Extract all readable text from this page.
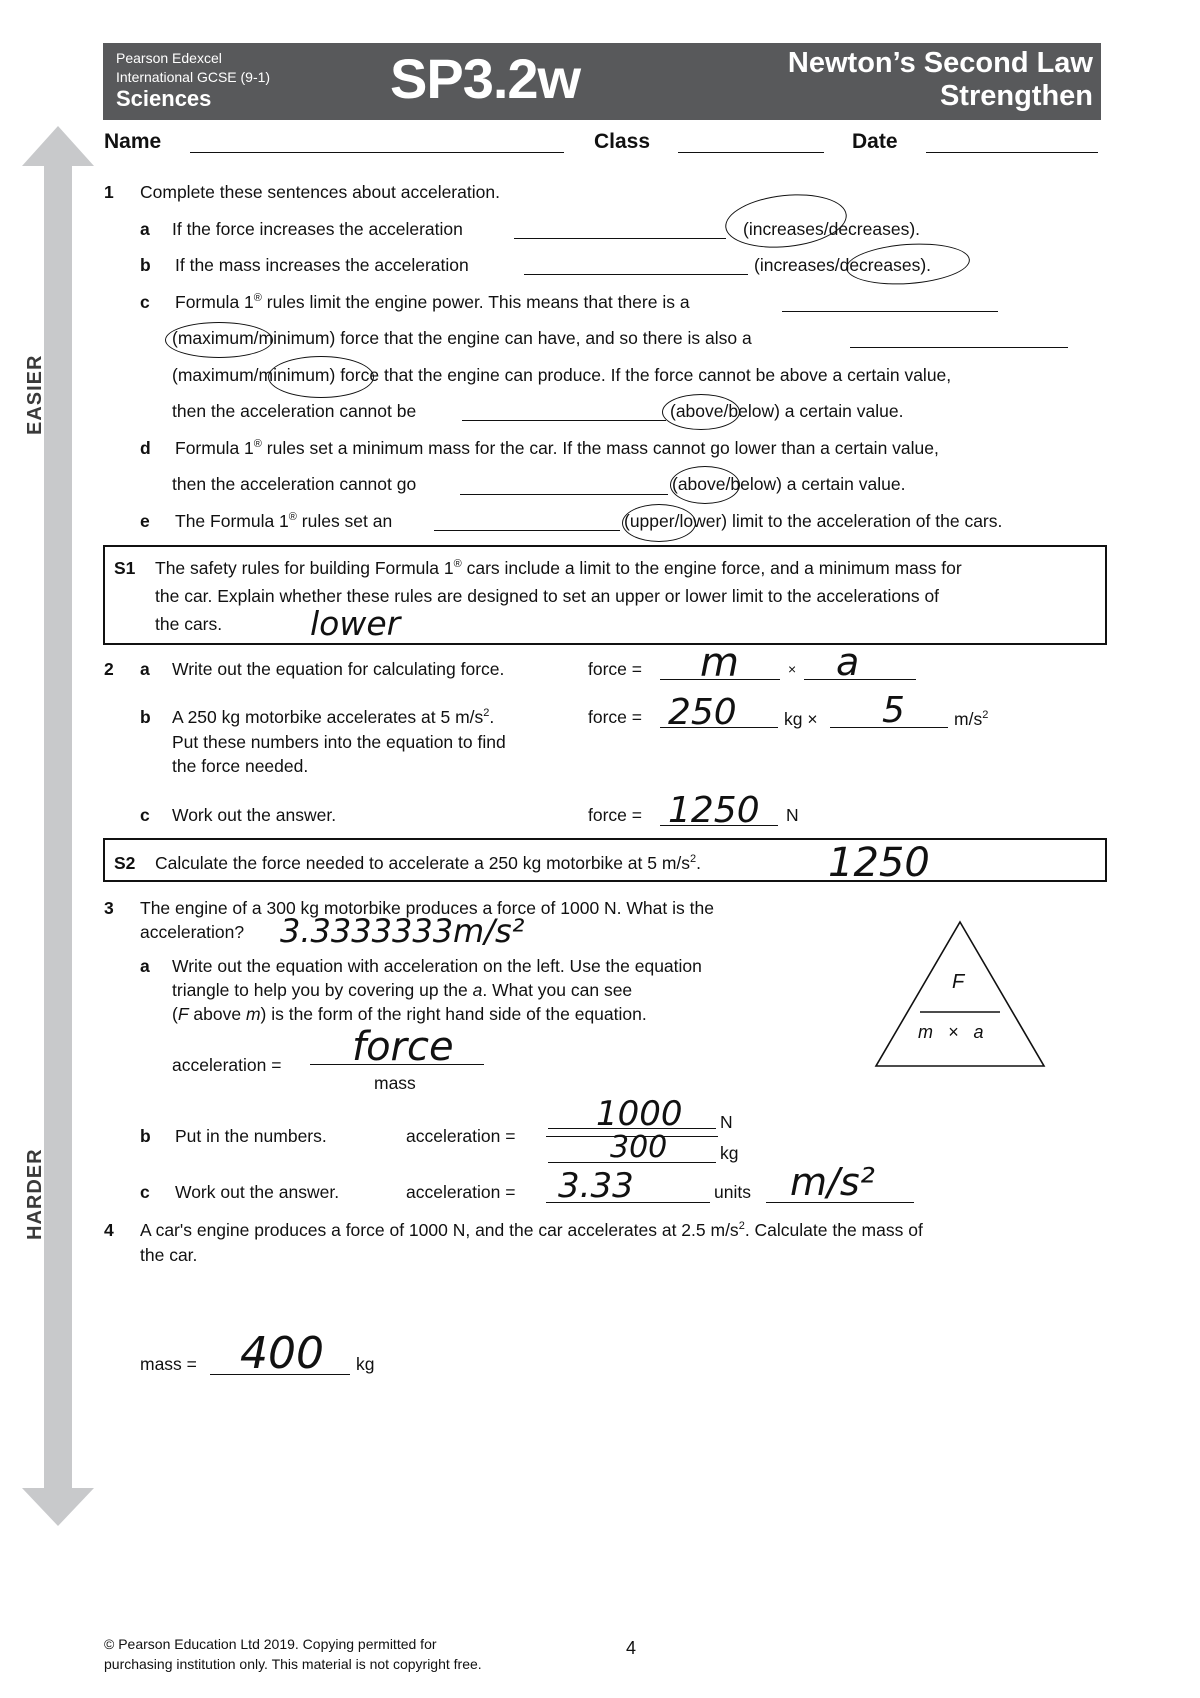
Pearson Edexcel
International GCSE (9-1)
Sciences	SP3.2w	Newton’s Second Law
Strengthen
EASIER
HARDER
Name	Class	Date
1 Complete these sentences about acceleration.
a If the force increases the acceleration	(increases/decreases).
b If the mass increases the acceleration	(increases/decreases).
c Formula 1® rules limit the engine power. This means that there is a
(maximum/minimum) force that the engine can have, and so there is also a
(maximum/minimum) force that the engine can produce. If the force cannot be above a certain value,
then the acceleration cannot be	(above/below) a certain value.
d Formula 1® rules set a minimum mass for the car. If the mass cannot go lower than a certain value,
then the acceleration cannot go	(above/below) a certain value.
e The Formula 1® rules set an	(upper/lower) limit to the acceleration of the cars.
S1 The safety rules for building Formula 1® cars include a limit to the engine force, and a minimum mass for
the car. Explain whether these rules are designed to set an upper or lower limit to the accelerations of
the cars.	lower
2 a Write out the equation for calculating force.	force = m	× a
b A 250 kg motorbike accelerates at 5 $m/s^2$.
Put these numbers into the equation to find
the force needed.
force = 250	kg × 5	$m/s^2$
c Work out the answer.	force = 1250 N
S2 Calculate the force needed to accelerate a 250 kg motorbike at 5 $m/s^2$.	1250
3 The engine of a 300 kg motorbike produces a force of 1000 N. What is the
acceleration? 3.3333333m/s²
F
m   ×   a
a Write out the equation with acceleration on the left. Use the equation
triangle to help you by covering up the a. What you can see
(F above m) is the form of the right hand side of the equation.
acceleration = force
mass
b Put in the numbers.	acceleration =
1000 N
300	kg
c Work out the answer.	acceleration = 3.33	units m/s²
4 A car's engine produces a force of 1000 N, and the car accelerates at 2.5 $m/s^2$. Calculate the mass of
the car.
mass = 400 kg
© Pearson Education Ltd 2019. Copying permitted for
purchasing institution only. This material is not copyright free.
4
